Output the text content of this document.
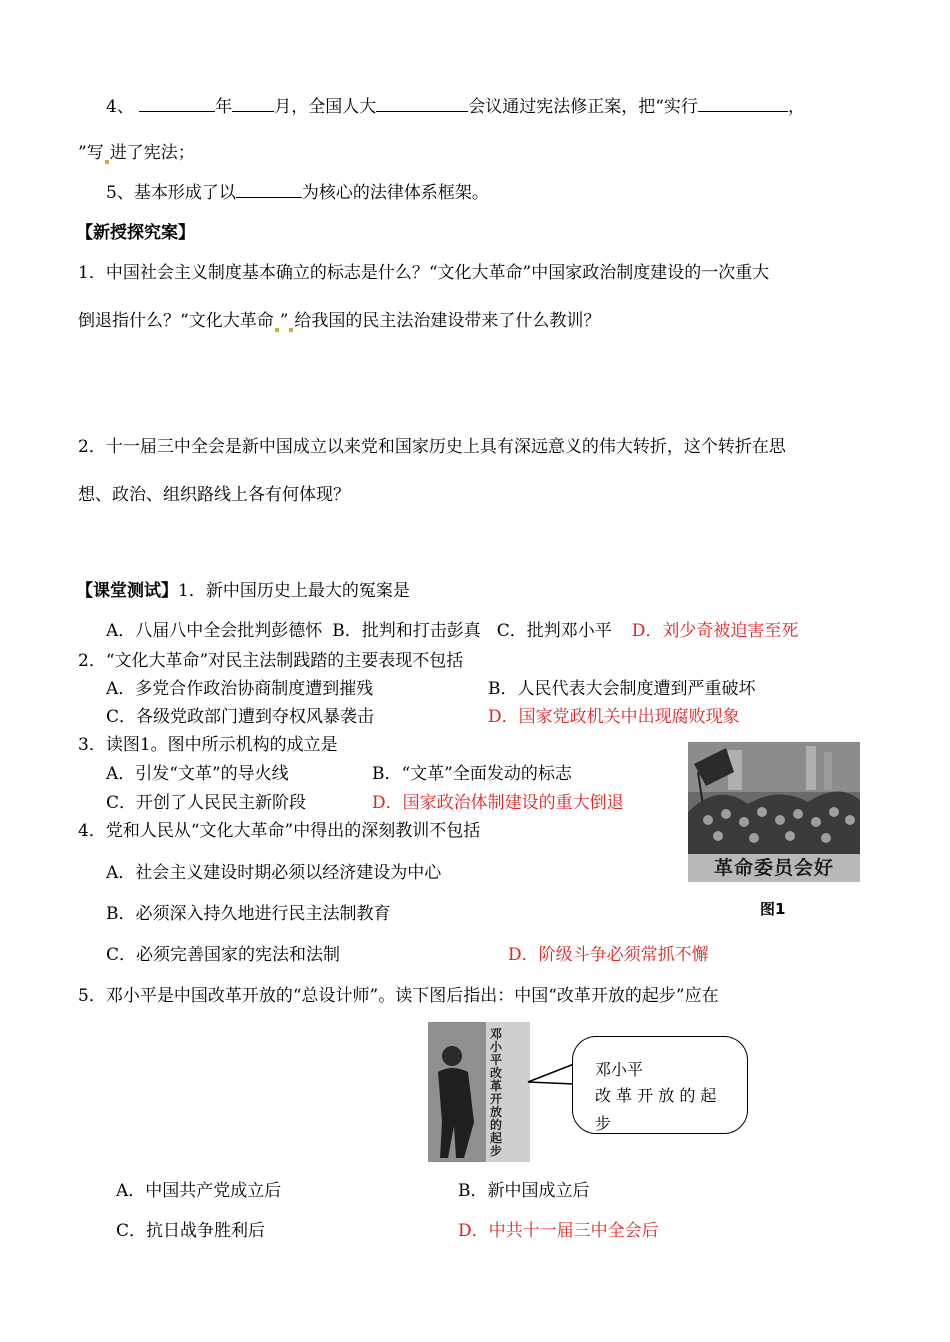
4、	年 月，全国人大	会议通过宪法修正案，把“实行	，
”写 进了宪法；
5、基本形成了以	为核心的法律体系框架。
【新授探究案】
1．中国社会主义制度基本确立的标志是什么？“文化大革命”中国家政治制度建设的一次重大
倒退指什么？“文化大革命 ” 给我国的民主法治建设带来了什么教训？
2．十一届三中全会是新中国成立以来党和国家历史上具有深远意义的伟大转折，这个转折在思
想、政治、组织路线上各有何体现？
【课堂测试】1．新中国历史上最大的冤案是
A．八届八中全会批判彭德怀 B．批判和打击彭真 C．批判邓小平 D．刘少奇被迫害至死
2．“文化大革命”对民主法制践踏的主要表现不包括
A．多党合作政治协商制度遭到摧残	B．人民代表大会制度遭到严重破坏
C．各级党政部门遭到夺权风暴袭击	D．国家党政机关中出现腐败现象
3．读图1。图中所示机构的成立是
A．引发“文革”的导火线	B．“文革”全面发动的标志
C．开创了人民民主新阶段	D．国家政治体制建设的重大倒退
4．党和人民从“文化大革命”中得出的深刻教训不包括
A．社会主义建设时期必须以经济建设为中心
B．必须深入持久地进行民主法制教育
C．必须完善国家的宪法和法制	D．阶级斗争必须常抓不懈
5．邓小平是中国改革开放的“总设计师”。读下图后指出：中国“改革开放的起步”应在
革命委员会好
图1
邓小平改革开放的起步
邓小平
改 革 开 放 的 起
步
A．中国共产党成立后	B．新中国成立后
C．抗日战争胜利后	D．中共十一届三中全会后
